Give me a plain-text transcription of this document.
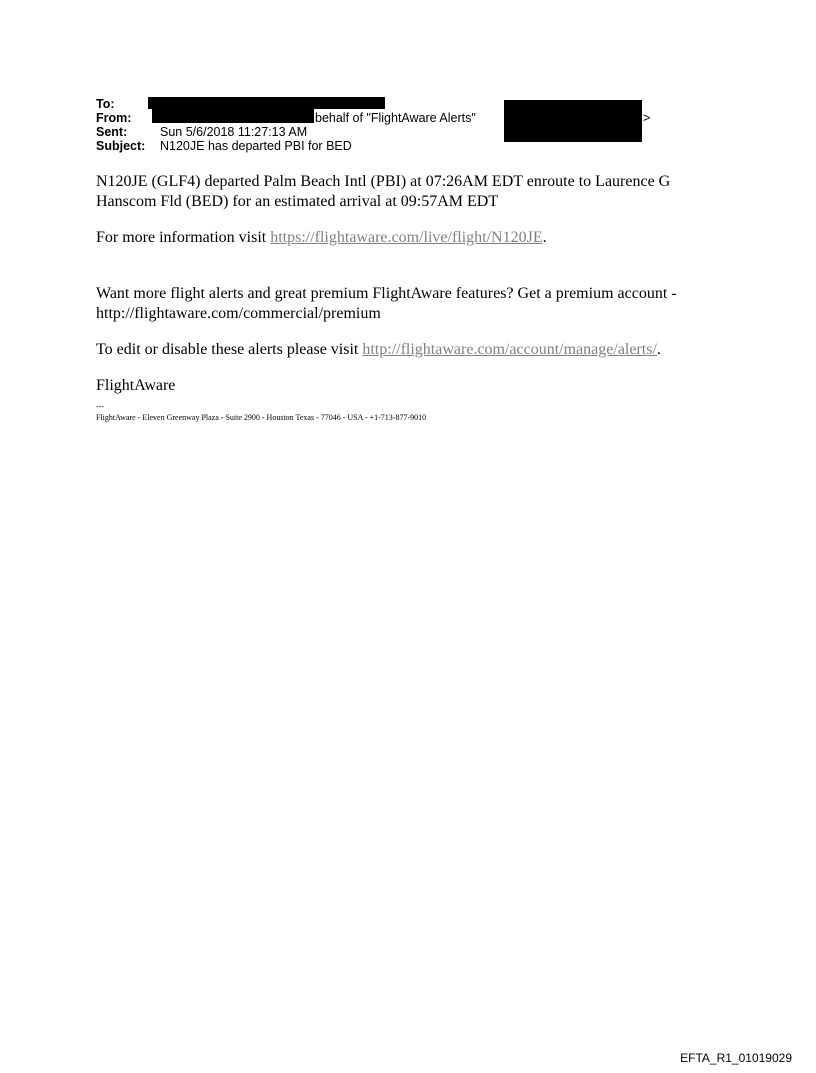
To:
From:	behalf of "FlightAware Alerts"	>
Sent:	Sun 5/6/2018 11:27:13 AM
Subject: N120JE has departed PBI for BED

N120JE (GLF4) departed Palm Beach Intl (PBI) at 07:26AM EDT enroute to Laurence G Hanscom Fld (BED) for an estimated arrival at 09:57AM EDT

For more information visit https://flightaware.com/live/flight/N120JE.

Want more flight alerts and great premium FlightAware features? Get a premium account - http://flightaware.com/commercial/premium

To edit or disable these alerts please visit http://flightaware.com/account/manage/alerts/.

FlightAware

---
FlightAware - Eleven Greenway Plaza - Suite 2900 - Houston Texas - 77046 - USA - +1-713-877-9010
EFTA_R1_01019029
